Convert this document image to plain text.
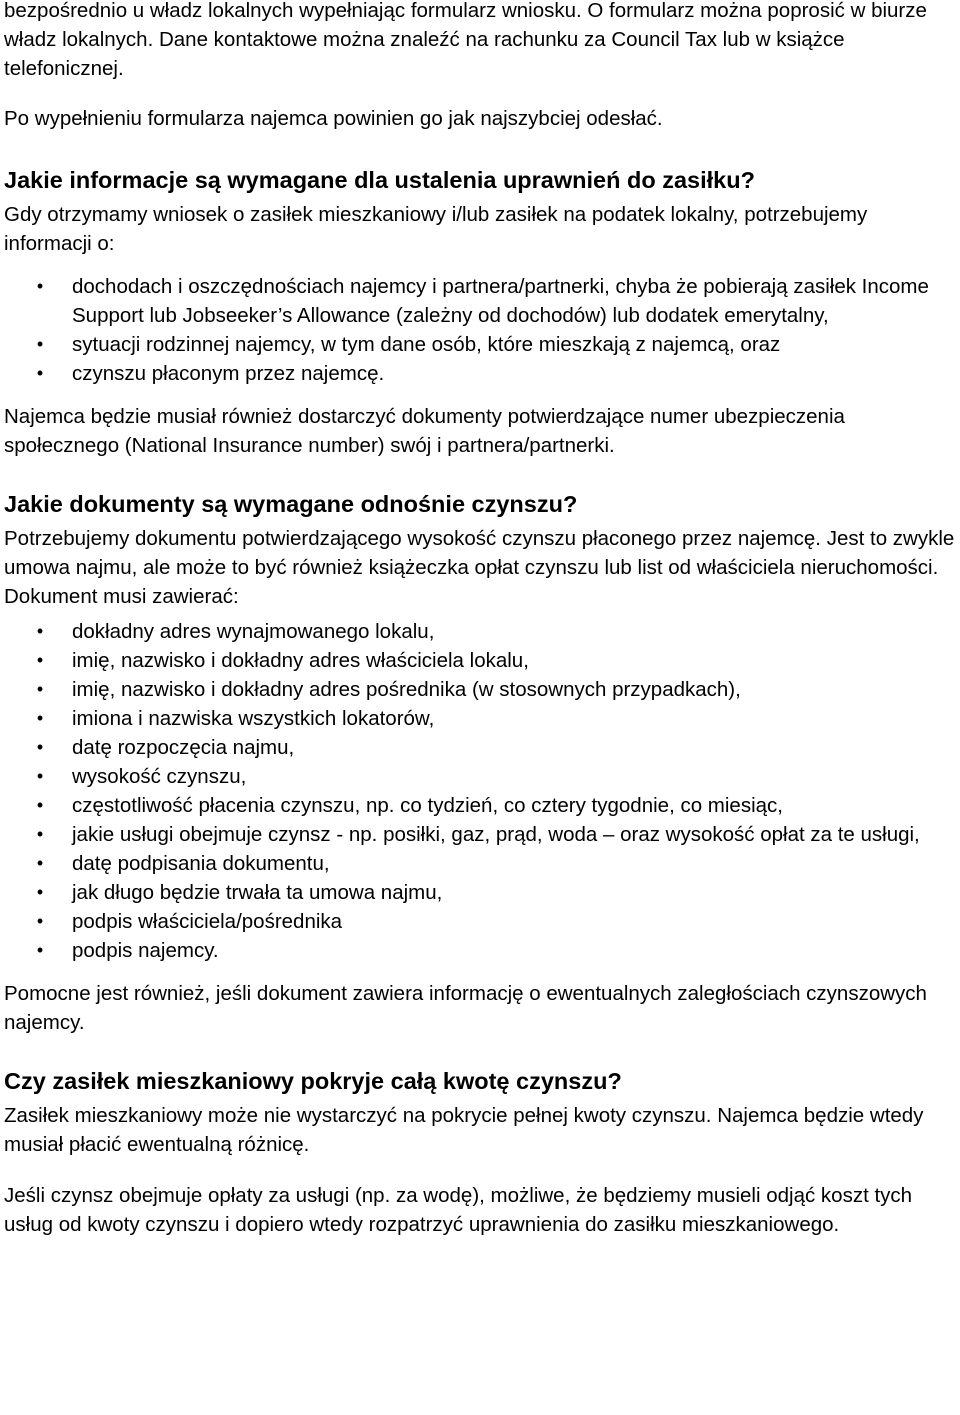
bezpośrednio u władz lokalnych wypełniając formularz wniosku. O formularz można poprosić w biurze władz lokalnych. Dane kontaktowe można znaleźć na rachunku za Council Tax lub w książce telefonicznej.

Po wypełnieniu formularza najemca powinien go jak najszybciej odesłać.

Jakie informacje są wymagane dla ustalenia uprawnień do zasiłku?

Gdy otrzymamy wniosek o zasiłek mieszkaniowy i/lub zasiłek na podatek lokalny, potrzebujemy informacji o:

•	dochodach i oszczędnościach najemcy i partnera/partnerki, chyba że pobierają zasiłek Income Support lub Jobseeker’s Allowance (zależny od dochodów) lub dodatek emerytalny,
•	sytuacji rodzinnej najemcy, w tym dane osób, które mieszkają z najemcą, oraz
•	czynszu płaconym przez najemcę.

Najemca będzie musiał również dostarczyć dokumenty potwierdzające numer ubezpieczenia społecznego (National Insurance number) swój i partnera/partnerki.

Jakie dokumenty są wymagane odnośnie czynszu?

Potrzebujemy dokumentu potwierdzającego wysokość czynszu płaconego przez najemcę. Jest to zwykle umowa najmu, ale może to być również książeczka opłat czynszu lub list od właściciela nieruchomości. Dokument musi zawierać:

•	dokładny adres wynajmowanego lokalu,
•	imię, nazwisko i dokładny adres właściciela lokalu,
•	imię, nazwisko i dokładny adres pośrednika (w stosownych przypadkach),
•	imiona i nazwiska wszystkich lokatorów,
•	datę rozpoczęcia najmu,
•	wysokość czynszu,
•	częstotliwość płacenia czynszu, np. co tydzień, co cztery tygodnie, co miesiąc,
•	jakie usługi obejmuje czynsz - np. posiłki, gaz, prąd, woda – oraz wysokość opłat za te usługi,
•	datę podpisania dokumentu,
•	jak długo będzie trwała ta umowa najmu,
•	podpis właściciela/pośrednika
•	podpis najemcy.

Pomocne jest również, jeśli dokument zawiera informację o ewentualnych zaległościach czynszowych najemcy.

Czy zasiłek mieszkaniowy pokryje całą kwotę czynszu?

Zasiłek mieszkaniowy może nie wystarczyć na pokrycie pełnej kwoty czynszu. Najemca będzie wtedy musiał płacić ewentualną różnicę.

Jeśli czynsz obejmuje opłaty za usługi (np. za wodę), możliwe, że będziemy musieli odjąć koszt tych usług od kwoty czynszu i dopiero wtedy rozpatrzyć uprawnienia do zasiłku mieszkaniowego.
